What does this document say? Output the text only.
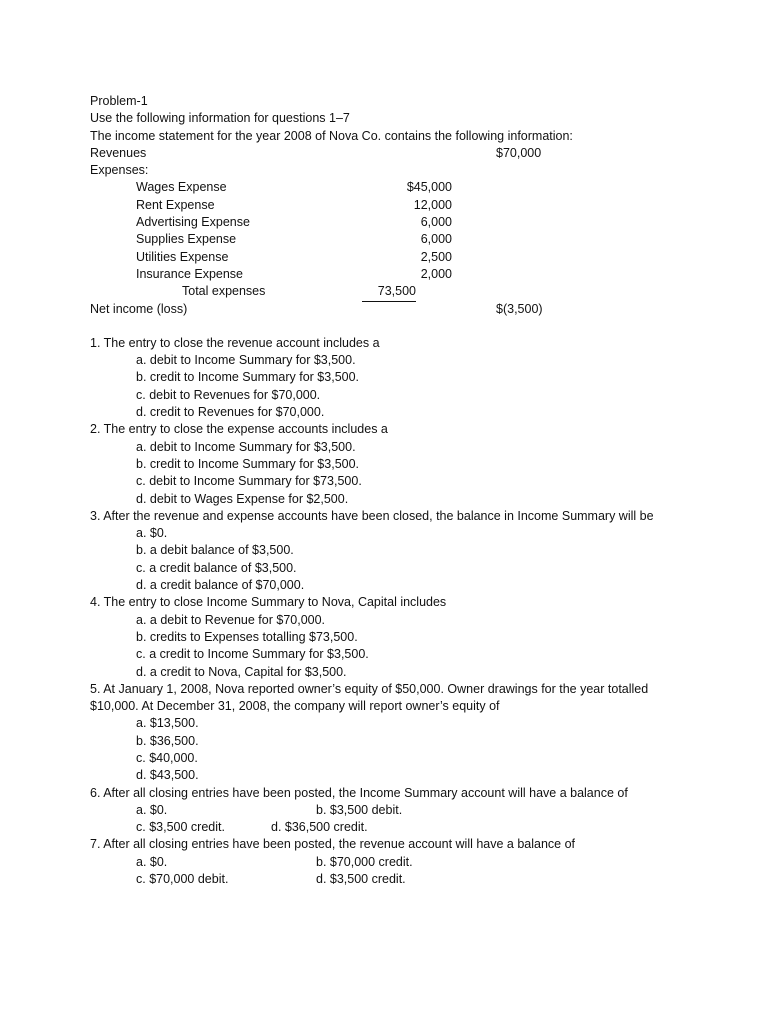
Problem-1
Use the following information for questions 1–7
The income statement for the year 2008 of Nova Co. contains the following information:
Revenues	$70,000
Expenses:
Wages Expense	$45,000
Rent Expense	12,000
Advertising Expense	6,000
Supplies Expense	6,000
Utilities Expense	2,500
Insurance Expense	2,000
Total expenses	73,500
Net income (loss)	$(3,500)
1. The entry to close the revenue account includes a
a. debit to Income Summary for $3,500.
b. credit to Income Summary for $3,500.
c. debit to Revenues for $70,000.
d. credit to Revenues for $70,000.
2. The entry to close the expense accounts includes a
a. debit to Income Summary for $3,500.
b. credit to Income Summary for $3,500.
c. debit to Income Summary for $73,500.
d. debit to Wages Expense for $2,500.
3. After the revenue and expense accounts have been closed, the balance in Income Summary will be
a. $0.
b. a debit balance of $3,500.
c. a credit balance of $3,500.
d. a credit balance of $70,000.
4. The entry to close Income Summary to Nova, Capital includes
a. a debit to Revenue for $70,000.
b. credits to Expenses totalling $73,500.
c. a credit to Income Summary for $3,500.
d. a credit to Nova, Capital for $3,500.
5. At January 1, 2008, Nova reported owner’s equity of $50,000. Owner drawings for the year totalled
$10,000. At December 31, 2008, the company will report owner’s equity of
a. $13,500.
b. $36,500.
c. $40,000.
d. $43,500.
6. After all closing entries have been posted, the Income Summary account will have a balance of
a. $0.	b. $3,500 debit.
c. $3,500 credit.	d. $36,500 credit.
7. After all closing entries have been posted, the revenue account will have a balance of
a. $0.	b. $70,000 credit.
c. $70,000 debit.	d. $3,500 credit.
